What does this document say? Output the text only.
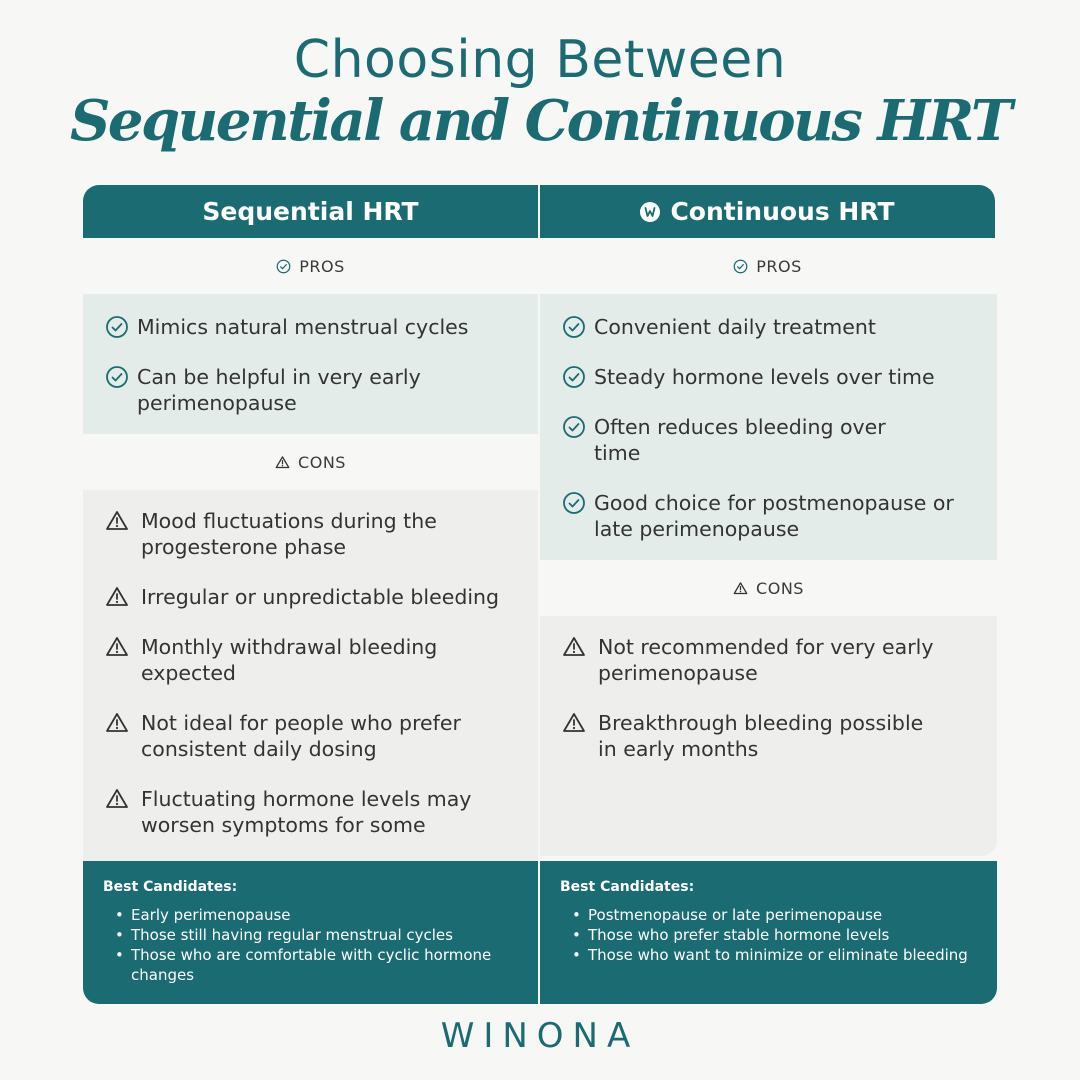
Choosing Between
Sequential and Continuous HRT
Sequential HRT	Continuous HRT
PROS
Mimics natural menstrual cycles
Can be helpful in very early perimenopause
CONS
Mood fluctuations during the progesterone phase
Irregular or unpredictable bleeding
Monthly withdrawal bleeding expected
Not ideal for people who prefer consistent daily dosing
Fluctuating hormone levels may worsen symptoms for some
PROS
Convenient daily treatment
Steady hormone levels over time
Often reduces bleeding over time
Good choice for postmenopause or late perimenopause
CONS
Not recommended for very early perimenopause
Breakthrough bleeding possible in early months
Best Candidates:
• Early perimenopause
• Those still having regular menstrual cycles
• Those who are comfortable with cyclic hormone changes
Best Candidates:
• Postmenopause or late perimenopause
• Those who prefer stable hormone levels
• Those who want to minimize or eliminate bleeding
WINONA
